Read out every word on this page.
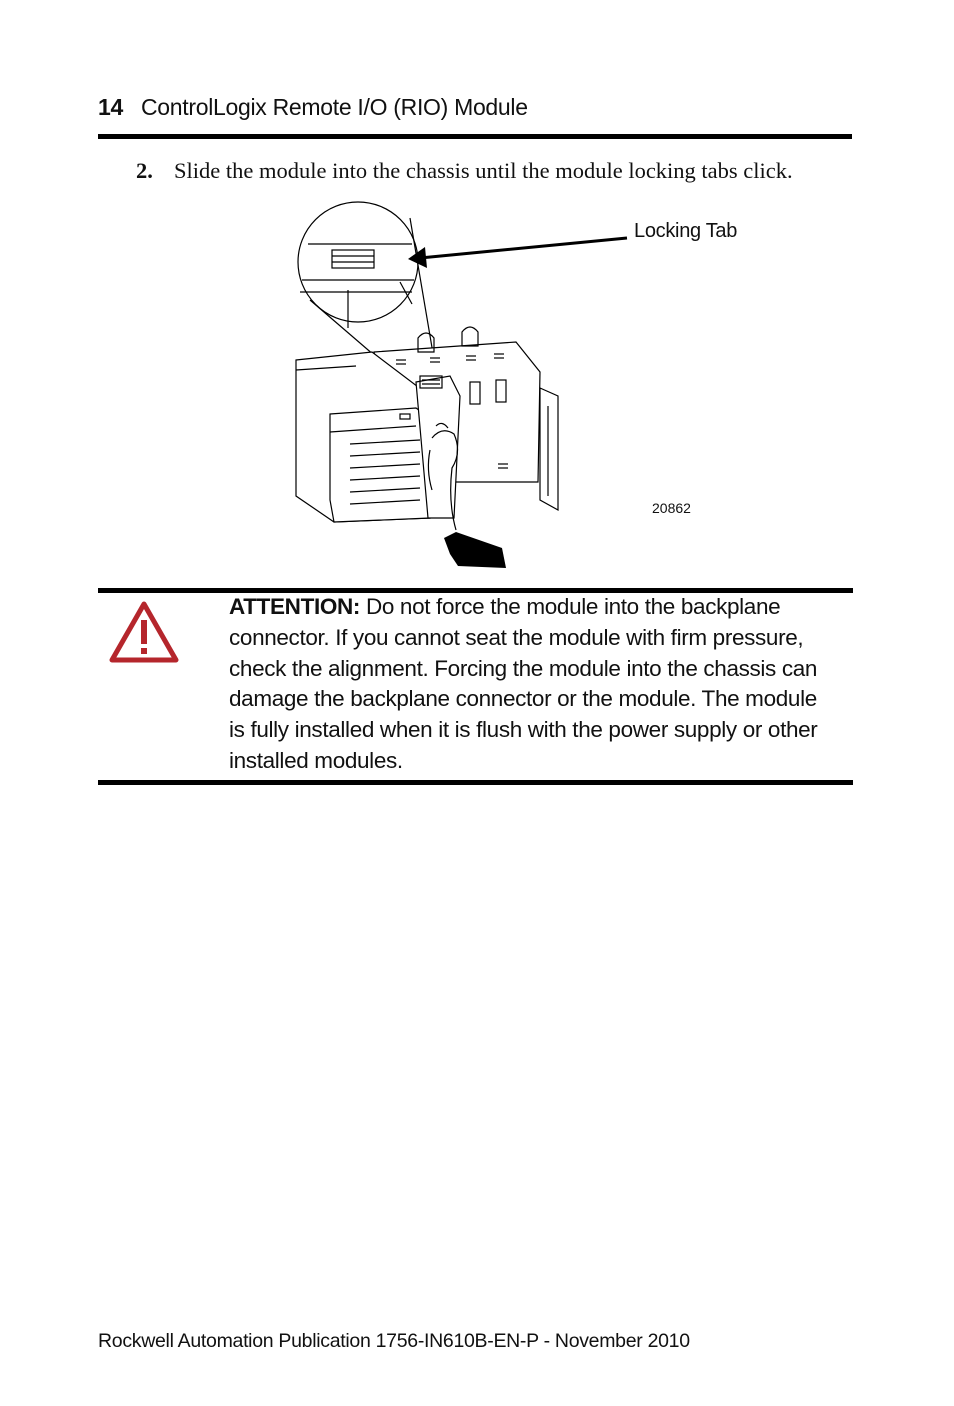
14 ControlLogix Remote I/O (RIO) Module
2. Slide the module into the chassis until the module locking tabs click.
Locking Tab
20862
ATTENTION: Do not force the module into the backplane connector. If you cannot seat the module with firm pressure, check the alignment. Forcing the module into the chassis can damage the backplane connector or the module. The module is fully installed when it is flush with the power supply or other installed modules.
Rockwell Automation Publication 1756-IN610B-EN-P - November 2010
